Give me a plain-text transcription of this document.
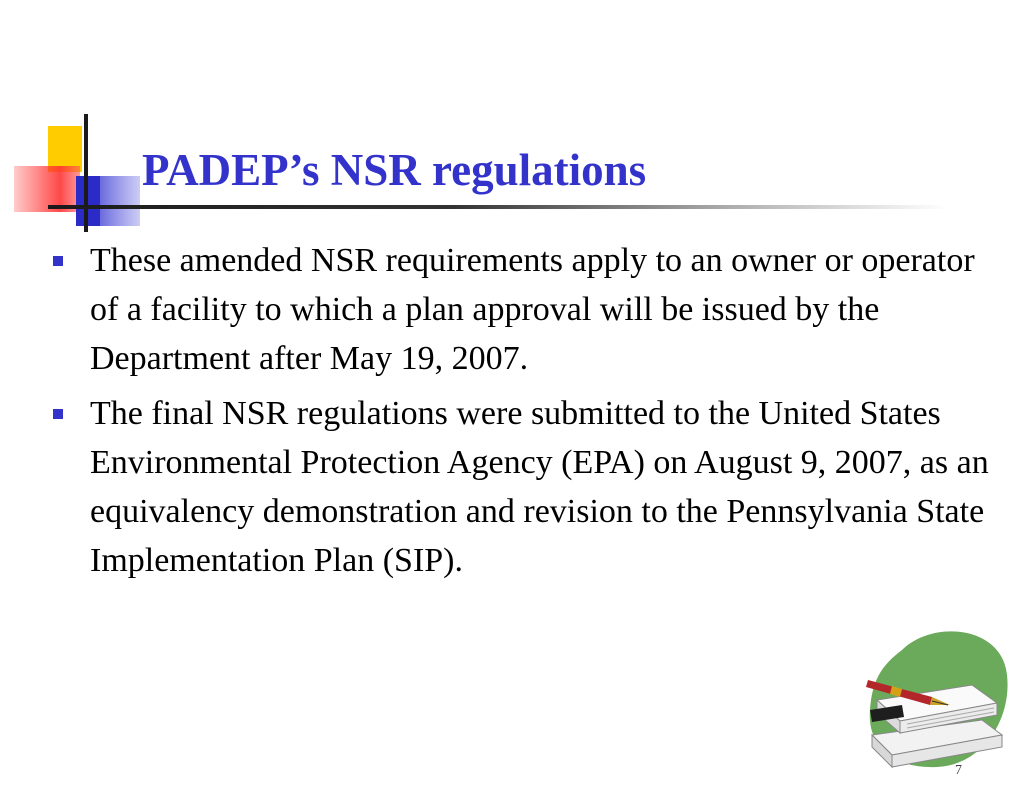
PADEP’s NSR regulations
These amended NSR requirements apply to an owner or operator of a facility to which a plan approval will be issued by the Department after May 19, 2007.
The final NSR regulations were submitted to the United States Environmental Protection Agency (EPA) on August 9, 2007, as an equivalency demonstration and revision to the Pennsylvania State Implementation Plan (SIP).
7
